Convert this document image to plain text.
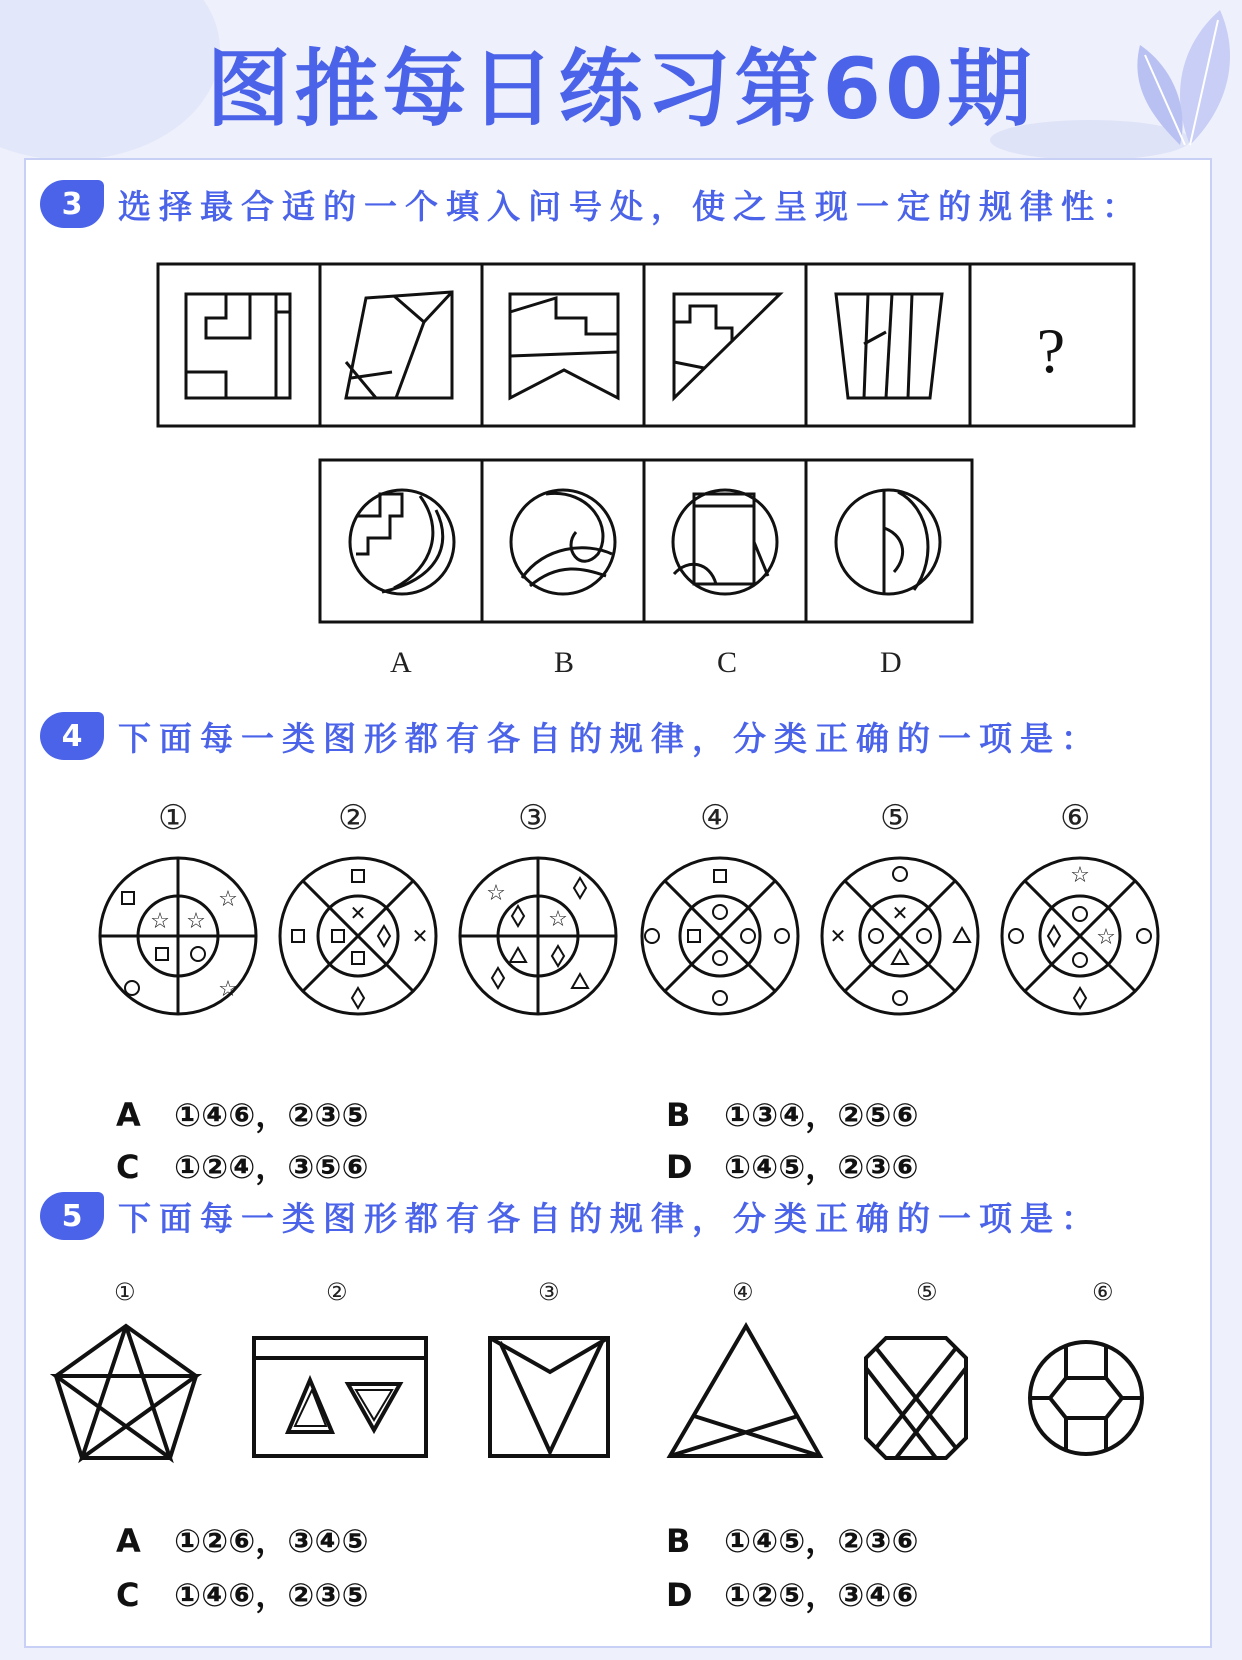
图推每日练习第60期
3	选择最合适的一个填入问号处，使之呈现一定的规律性：
?
A	B	C	D
4	下面每一类图形都有各自的规律，分类正确的一项是：
①	②	③	④	⑤	⑥
☆ ☆
☆
☆
✕
✕
☆
☆
✕
✕
☆
☆
A ①④⑥，②③⑤	B ①③④，②⑤⑥
C ①②④，③⑤⑥	D ①④⑤，②③⑥
5	下面每一类图形都有各自的规律，分类正确的一项是：
①	②	③	④	⑤	⑥
A ①②⑥，③④⑤	B ①④⑤，②③⑥
C ①④⑥，②③⑤	D ①②⑤，③④⑥
